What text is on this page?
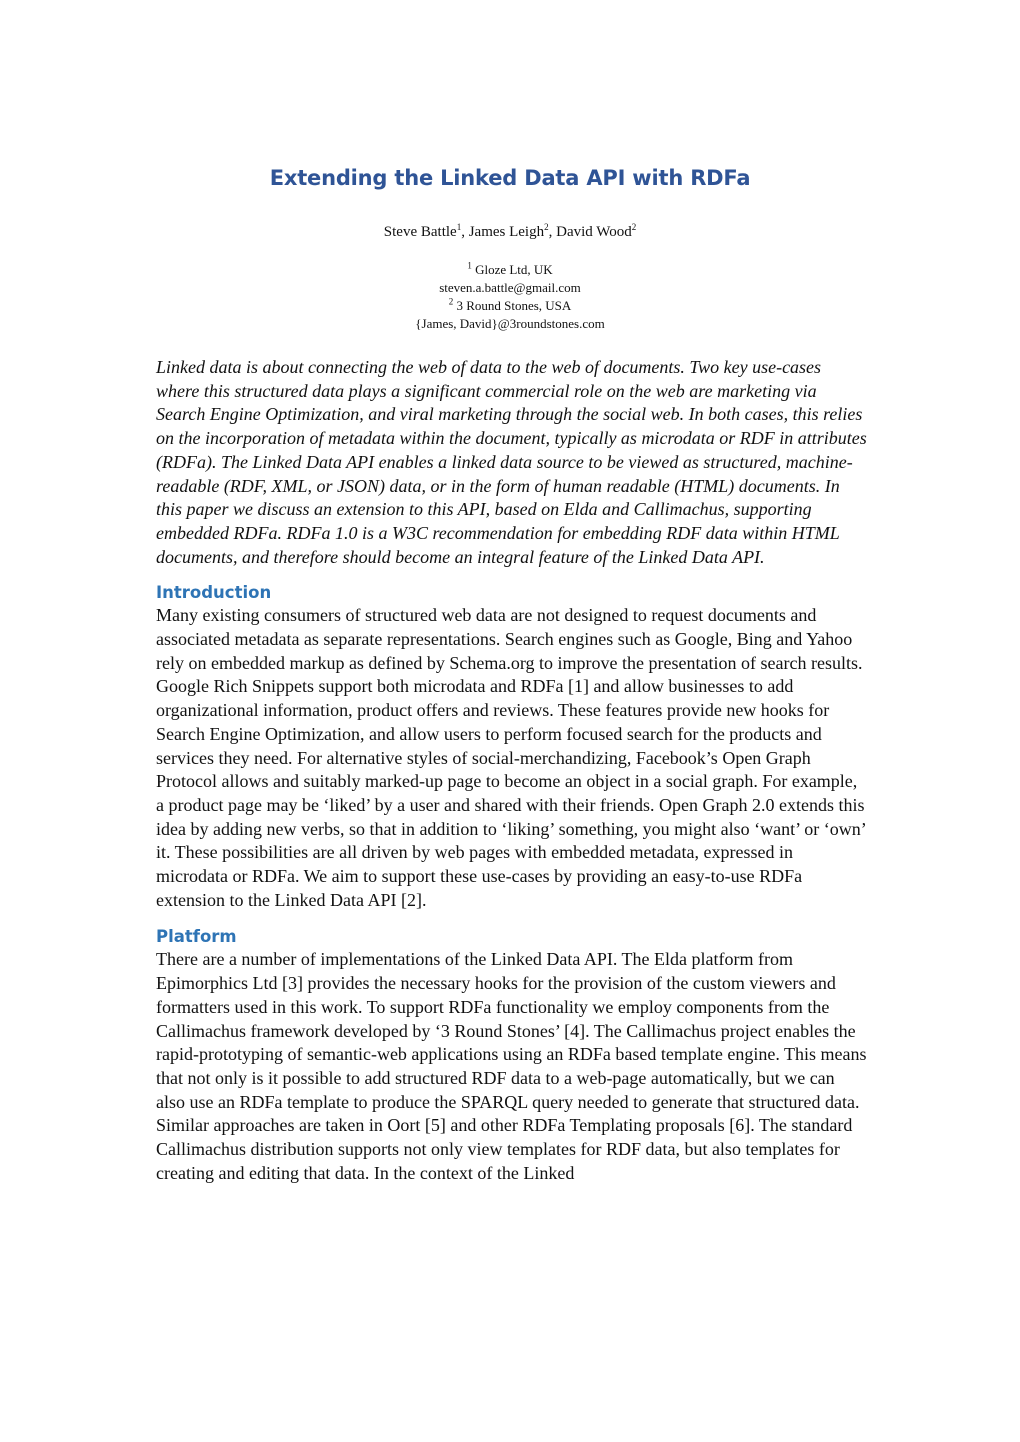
Extending the Linked Data API with RDFa
Steve Battle$^1$, James Leigh$^2$, David Wood$^2$
$^1$ Gloze Ltd, UK
steven.a.battle@gmail.com
$^2$ 3 Round Stones, USA
{James, David}@3roundstones.com

Linked data is about connecting the web of data to the web of documents. Two key use-cases where this structured data plays a significant commercial role on the web are marketing via Search Engine Optimization, and viral marketing through the social web. In both cases, this relies on the incorporation of metadata within the document, typically as microdata or RDF in attributes (RDFa). The Linked Data API enables a linked data source to be viewed as structured, machine-readable (RDF, XML, or JSON) data, or in the form of human readable (HTML) documents. In this paper we discuss an extension to this API, based on Elda and Callimachus, supporting embedded RDFa. RDFa 1.0 is a W3C recommendation for embedding RDF data within HTML documents, and therefore should become an integral feature of the Linked Data API.

Introduction

Many existing consumers of structured web data are not designed to request documents and associated metadata as separate representations. Search engines such as Google, Bing and Yahoo rely on embedded markup as defined by Schema.org to improve the presentation of search results. Google Rich Snippets support both microdata and RDFa [1] and allow businesses to add organizational information, product offers and reviews. These features provide new hooks for Search Engine Optimization, and allow users to perform focused search for the products and services they need. For alternative styles of social-merchandizing, Facebook’s Open Graph Protocol allows and suitably marked-up page to become an object in a social graph. For example, a product page may be ‘liked’ by a user and shared with their friends. Open Graph 2.0 extends this idea by adding new verbs, so that in addition to ‘liking’ something, you might also ‘want’ or ‘own’ it. These possibilities are all driven by web pages with embedded metadata, expressed in microdata or RDFa. We aim to support these use-cases by providing an easy-to-use RDFa extension to the Linked Data API [2].

Platform

There are a number of implementations of the Linked Data API. The Elda platform from Epimorphics Ltd [3] provides the necessary hooks for the provision of the custom viewers and formatters used in this work. To support RDFa functionality we employ components from the Callimachus framework developed by ‘3 Round Stones’ [4]. The Callimachus project enables the rapid-prototyping of semantic-web applications using an RDFa based template engine. This means that not only is it possible to add structured RDF data to a web-page automatically, but we can also use an RDFa template to produce the SPARQL query needed to generate that structured data. Similar approaches are taken in Oort [5] and other RDFa Templating proposals [6]. The standard Callimachus distribution supports not only view templates for RDF data, but also templates for creating and editing that data. In the context of the Linked
